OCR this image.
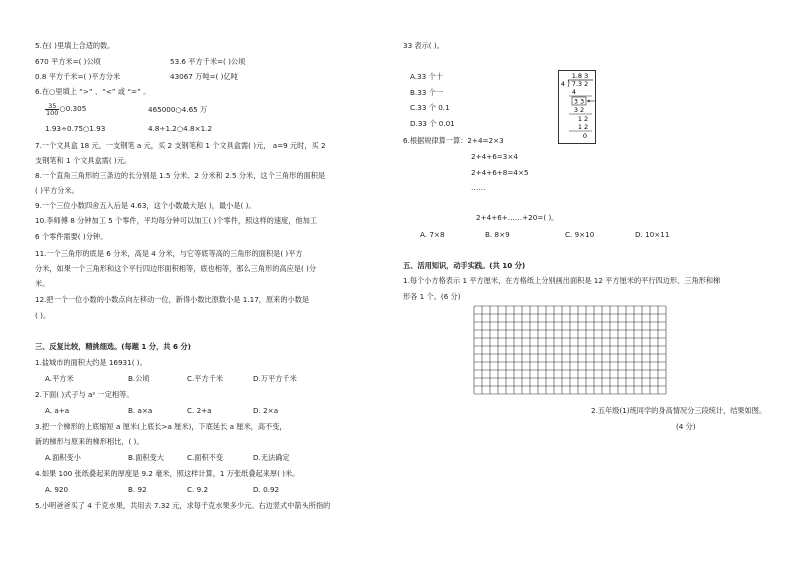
5.在( )里填上合适的数。
670 平方米=( )公顷	53.6 平方千米=( )公顷
0.8 平方千米=( )平方分米	43067 万吨=( )亿吨
6.在○里填上 “>” 、“<” 或 “=” 。
$\frac{35}{100}$ ○0.305	465000○4.65 万
1.93÷0.75○1.93	4.8÷1.2○4.8×1.2
7.一个文具盒 18 元，一支钢笔 a 元，买 2 支钢笔和 1 个文具盒需( )元， a=9 元时，买 2
支钢笔和 1 个文具盒需( )元。
8.一个直角三角形的三条边的长分别是 1.5 分米、2 分米和 2.5 分米，这个三角形的面积是
( )平方分米。
9.一个三位小数四舍五入后是 4.63，这个小数最大是( )，最小是( )。
10.李师傅 8 分钟加工 5 个零件，平均每分钟可以加工( )个零件，照这样的速度，他加工
6 个零件需要( )分钟。
11.一个三角形的底是 6 分米，高是 4 分米，与它等底等高的三角形的面积是( )平方
分米，如果一个三角形和这个平行四边形面积相等，底也相等，那么三角形的高应是( )分
米。
12.把一个一位小数的小数点向左移动一位，新得小数比原数小是 1.17，原来的小数是
( )。
三、反复比较，精挑细选。(每题 1 分，共 6 分)
1.盐城市的面积大约是 16931( )。
A.平方米	B.公顷	C.平方千米	D.万平方千米
2.下面( )式子与 a² 一定相等。
A. a+a	B. a×a	C. 2+a	D. 2×a
3.把一个梯形的上底缩短 a 厘米(上底长>a 厘米)，下底延长 a 厘米，高不变，
新的梯形与原来的梯形相比，( )。
A.面积变小	B.面积变大	C.面积不变	D.无法确定
4.如果 100 张纸叠起来的厚度是 9.2 毫米，照这样计算，1 万张纸叠起来厚( )米。
A. 920	B. 92	C. 9.2	D. 0.92
5.小明爸爸买了 4 千克水果，共用去 7.32 元，求每千克水果多少元。右边竖式中箭头所指的
33 表示( )。
A.33 个十
B.33 个一
C.33 个 0.1
D.33 个 0.01
1.8 3
4 7.3 2
4
3 3
3 2
1 2
1 2
0
6.根据规律算一算：2+4=2×3
2+4+6=3×4
2+4+6+8=4×5
……
2+4+6+……+20=( )。
A. 7×8	B. 8×9	C. 9×10	D. 10×11
五、活用知识，动手实践。(共 10 分)
1.每个小方格表示 1 平方厘米，在方格纸上分别画出面积是 12 平方厘米的平行四边形、三角形和梯
形各 1 个。(6 分)
2.五年级(1)班同学的身高情况分三段统计，结果如图。
(4 分)
